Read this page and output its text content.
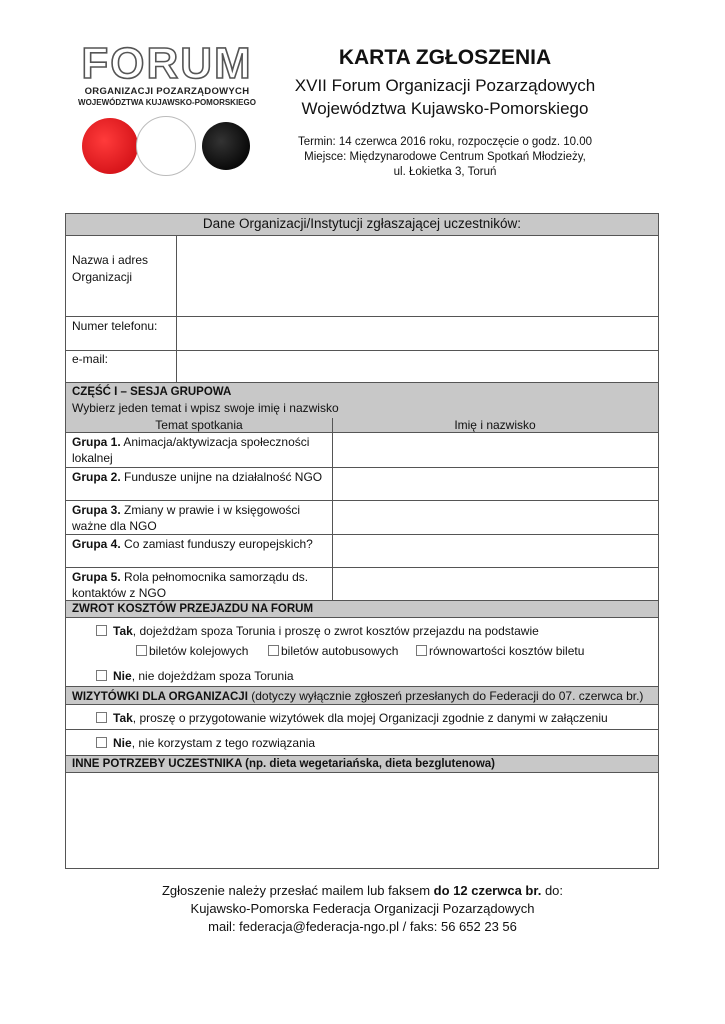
FORUM
ORGANIZACJI POZARZĄDOWYCH
WOJEWÓDZTWA KUJAWSKO-POMORSKIEGO
KARTA ZGŁOSZENIA
XVII Forum Organizacji Pozarządowych
Województwa Kujawsko-Pomorskiego
Termin: 14 czerwca 2016 roku, rozpoczęcie o godz. 10.00
Miejsce: Międzynarodowe Centrum Spotkań Młodzieży,
ul. Łokietka 3, Toruń
Dane Organizacji/Instytucji zgłaszającej uczestników:
Nazwa i adres
Organizacji
Numer telefonu:
e-mail:
CZĘŚĆ I – SESJA GRUPOWA
Wybierz jeden temat i wpisz swoje imię i nazwisko
Temat spotkania	Imię i nazwisko
Grupa 1. Animacja/aktywizacja społeczności
lokalnej
Grupa 2. Fundusze unijne na działalność NGO
Grupa 3. Zmiany w prawie i w księgowości
ważne dla NGO
Grupa 4. Co zamiast funduszy europejskich?
Grupa 5. Rola pełnomocnika samorządu ds.
kontaktów z NGO
ZWROT KOSZTÓW PRZEJAZDU NA FORUM
Tak, dojeżdżam spoza Torunia i proszę o zwrot kosztów przejazdu na podstawie
biletów kolejowych	biletów autobusowych	równowartości kosztów biletu
Nie, nie dojeżdżam spoza Torunia
WIZYTÓWKI DLA ORGANIZACJI (dotyczy wyłącznie zgłoszeń przesłanych do Federacji do 07. czerwca br.)
Tak, proszę o przygotowanie wizytówek dla mojej Organizacji zgodnie z danymi w załączeniu
Nie, nie korzystam z tego rozwiązania
INNE POTRZEBY UCZESTNIKA (np. dieta wegetariańska, dieta bezglutenowa)
Zgłoszenie należy przesłać mailem lub faksem do 12 czerwca br. do:
Kujawsko-Pomorska Federacja Organizacji Pozarządowych
mail: federacja@federacja-ngo.pl / faks: 56 652 23 56
